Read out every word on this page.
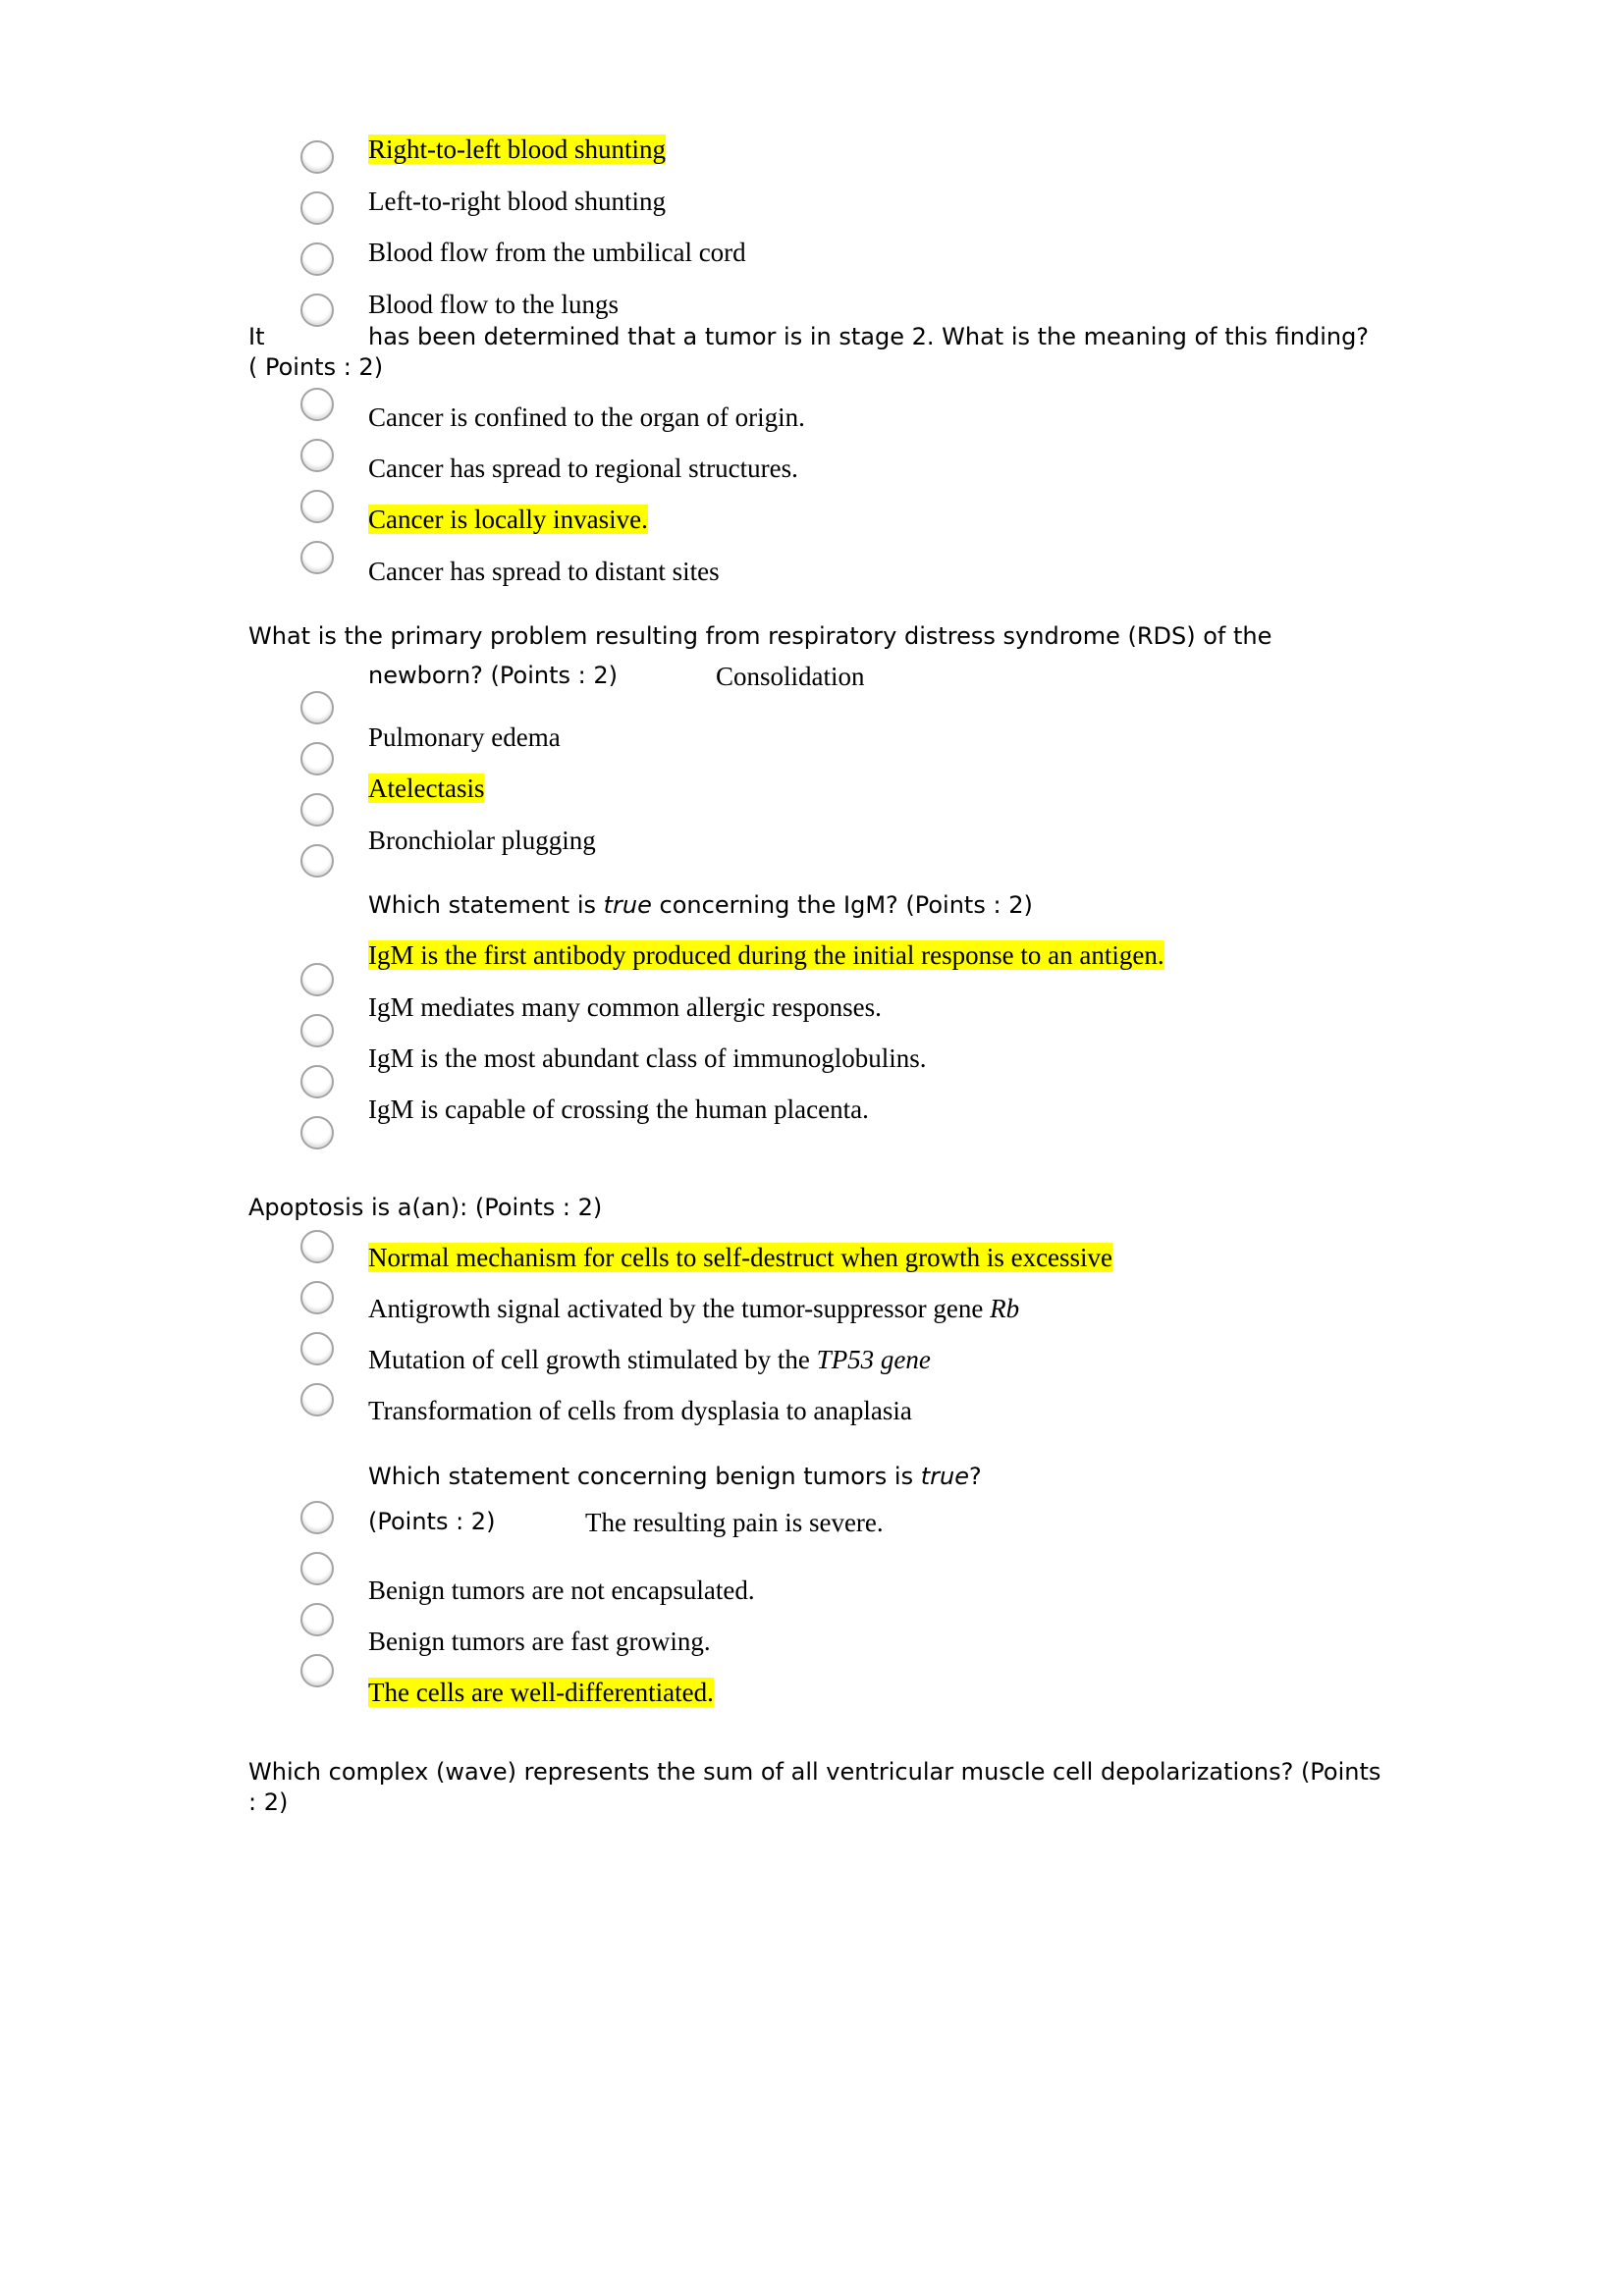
Right-to-left blood shunting
Left-to-right blood shunting
Blood flow from the umbilical cord
Blood flow to the lungs
It	has been determined that a tumor is in stage 2. What is the meaning of this finding?
( Points : 2)
Cancer is confined to the organ of origin.
Cancer has spread to regional structures.
Cancer is locally invasive.
Cancer has spread to distant sites
What is the primary problem resulting from respiratory distress syndrome (RDS) of the
newborn? (Points : 2)	Consolidation
Pulmonary edema
Atelectasis
Bronchiolar plugging
Which statement is true concerning the IgM? (Points : 2)
IgM is the first antibody produced during the initial response to an antigen.
IgM mediates many common allergic responses.
IgM is the most abundant class of immunoglobulins.
IgM is capable of crossing the human placenta.
Apoptosis is a(an): (Points : 2)
Normal mechanism for cells to self-destruct when growth is excessive
Antigrowth signal activated by the tumor-suppressor gene Rb
Mutation of cell growth stimulated by the TP53 gene
Transformation of cells from dysplasia to anaplasia
Which statement concerning benign tumors is true?
(Points : 2)	The resulting pain is severe.
Benign tumors are not encapsulated.
Benign tumors are fast growing.
The cells are well-differentiated.
Which complex (wave) represents the sum of all ventricular muscle cell depolarizations? (Points
: 2)
